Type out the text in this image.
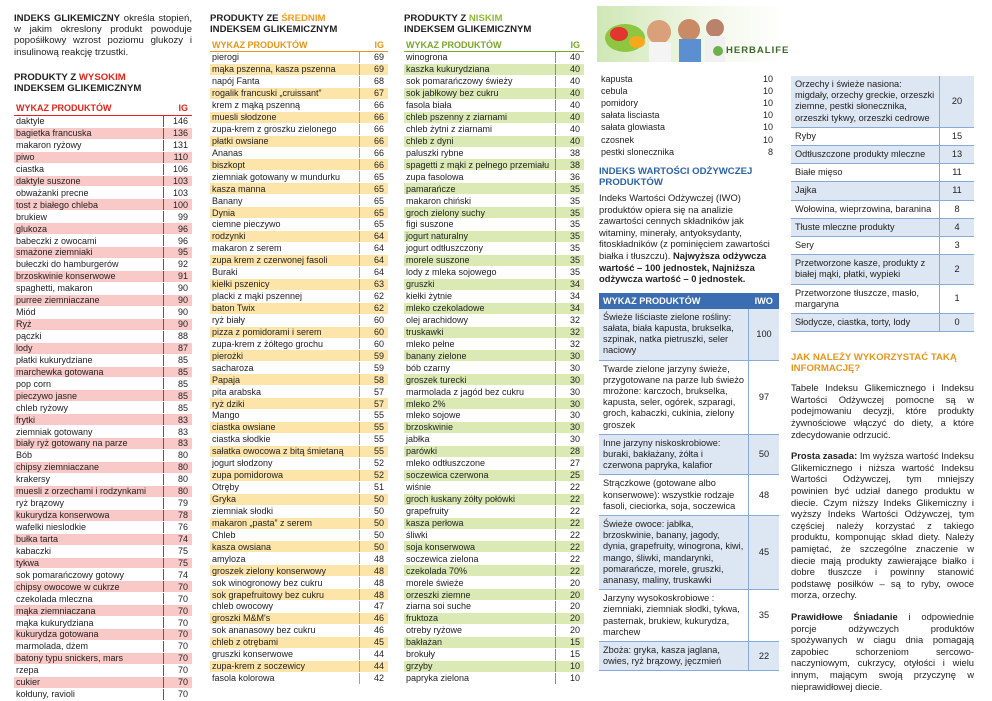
INDEKS GLIKEMICZNY określa stopień, w jakim okreslony produkt powoduje popośiłkowy wzrost poziomu glukozy i insulinową reakcję trzustki.
PRODUKTY Z WYSOKIM
INDEKSEM GLIKEMICZNYM
WYKAZ PRODUKTÓW	IG
daktyle	146
bagietka francuska	136
makaron ryżowy	131
piwo	110
ciastka	106
daktyle suszone	103
obważanki precne	103
tost z białego chleba	100
brukiew	99
glukoza	96
babeczki z owocami	96
smażone ziemniaki	95
bułeczki do hamburgerów	92
brzoskwinie konserwowe	91
spaghetti, makaron	90
purree ziemniaczane	90
Miód	90
Ryż	90
pączki	88
lody	87
płatki kukurydziane	85
marchewka gotowana	85
pop corn	85
pieczywo jasne	85
chleb ryżowy	85
frytki	83
ziemniak gotowany	83
biały ryż gotowany na parze	83
Bób	80
chipsy ziemniaczane	80
krakersy	80
muesli z orzechami i rodzynkami	80
ryż brązowy	79
kukurydza konserwowa	78
wafelki nieslodkie	76
bułka tarta	74
kabaczki	75
tykwa	75
sok pomarańczowy gotowy	74
chipsy owocowe w cukrze	70
czekolada mleczna	70
mąka ziemniaczana	70
mąka kukurydziana	70
kukurydza gotowana	70
marmolada, dżem	70
batony typu snickers, mars	70
rzepa	70
cukier	70
kołduny, ravioli	70
PRODUKTY ZE ŚREDNIM
INDEKSEM GLIKEMICZNYM
WYKAZ PRODUKTÓW	IG
pierogi	69
mąka pszenna, kasza pszenna	69
napój Fanta	68
rogalik francuski „cruissant”	67
krem z mąką pszenną	66
muesli słodzone	66
zupa-krem z groszku zielonego	66
płatki owsiane	66
Ananas	66
biszkopt	66
ziemniak gotowany w mundurku	65
kasza manna	65
Banany	65
Dynia	65
ciemne pieczywo	65
rodzynki	64
makaron z serem	64
zupa krem z czerwonej fasoli	64
Buraki	64
kiełki pszenicy	63
placki z mąki pszennej	62
baton Twix	62
ryż biały	60
pizza z pomidorami i serem	60
zupa-krem z żółtego grochu	60
pierożki	59
sacharoza	59
Papaja	58
pita arabska	57
ryż dziki	57
Mango	55
ciastka owsiane	55
ciastka słodkie	55
sałatka owocowa z bitą śmietaną	55
jogurt słodzony	52
zupa pomidorowa	52
Otręby	51
Gryka	50
ziemniak słodki	50
makaron „pasta” z serem	50
Chleb	50
kasza owsiana	50
amyloza	48
groszek zielony konserwowy	48
sok winogronowy bez cukru	48
sok grapefruitowy bez cukru	48
chleb owocowy	47
groszki M&M's	46
sok ananasowy bez cukru	46
chleb z otrębami	45
gruszki konserwowe	44
zupa-krem z soczewicy	44
fasola kolorowa	42
PRODUKTY Z NISKIM
INDEKSEM GLIKEMICZNYM
WYKAZ PRODUKTÓW	IG
winogrona	40
kaszka kukurydziana	40
sok pomarańczowy świeży	40
sok jabłkowy bez cukru	40
fasola biała	40
chleb pszenny z ziarnami	40
chleb żytni z ziarnami	40
chleb z dyni	40
paluszki rybne	38
spagetti z mąki z pełnego przemiału	38
zupa fasolowa	36
pamarańcze	35
makaron chiński	35
groch zielony suchy	35
figi suszone	35
jogurt naturalny	35
jogurt odtłuszczony	35
morele suszone	35
lody z mleka sojowego	35
gruszki	34
kiełki żytnie	34
mleko czekoladowe	34
olej arachidowy	32
truskawki	32
mleko pełne	32
banany zielone	30
bób czarny	30
groszek turecki	30
marmolada z jagód bez cukru	30
mleko 2%	30
mleko sojowe	30
brzoskwinie	30
jabłka	30
parówki	28
mleko odtłuszczone	27
soczewica czerwona	25
wiśnie	22
groch łuskany żółty połówki	22
grapefruity	22
kasza perłowa	22
śliwki	22
soja konserwowa	22
soczewica zielona	22
czekolada 70%	22
morele świeże	20
orzeszki ziemne	20
ziarna soi suche	20
fruktoza	20
otreby ryżowe	20
bakłażan	15
brokuły	15
grzyby	10
papryka zielona	10
HERBALIFE
kapusta	10
cebula	10
pomidory	10
sałata lisciasta	10
sałata glowiasta	10
czosnek	10
pestki slonecznika	8
INDEKS WARTOŚCI ODŻYWCZEJ PRODUKTÓW
Indeks Wartości Odżywczej (IWO) produktów opiera się na analizie zawartości cennych składników jak witaminy, minerały, antyoksydanty, fitoskładników (z pominięciem zawartości białka i tłuszczu). Najwyższa odżywcza wartość – 100 jednostek, Najniższa odżywcza wartość – 0 jednostek.
WYKAZ PRODUKTÓW	IWO
Świeże liściaste zielone rośliny: sałata, biała kapusta, brukselka, szpinak, natka pietruszki, seler naciowy	100
Twarde zielone jarzyny świeże, przygotowane na parze lub świeżo mrożone: karczoch, brukselka, kapusta, seler, ogórek, szparagi, groch, kabaczki, cukinia, zielony groszek	97
Inne jarzyny niskoskrobiowe: buraki, bakłażany, żółta i czerwona papryka, kalafior	50
Strączkowe (gotowane albo konserwowe): wszystkie rodzaje fasoli, cieciorka, soja, soczewica	48
Świeże owoce: jabłka, brzoskwinie, banany, jagody, dynia, grapefruity, winogrona, kiwi, mango, śliwki, mandarynki, pomarańcze, morele, gruszki, ananasy, maliny, truskawki	45
Jarzyny wysokoskrobiowe : ziemniaki, ziemniak słodki, tykwa, pasternak, brukiew, kukurydza, marchew	35
Zboża: gryka, kasza jaglana, owies, ryż brązowy, jęczmień	22
Orzechy i świeże nasiona: migdały, orzechy greckie, orzeszki ziemne, pestki słonecznika, orzeszki tykwy, orzeszki cedrowe	20
Ryby	15
Odtłuszczone produkty mleczne	13
Białe mięso	11
Jajka	11
Wołowina, wieprzowina, baranina	8
Tłuste mleczne produkty	4
Sery	3
Przetworzone kasze, produkty z białej mąki, płatki, wypieki	2
Przetworzone tłuszcze, masło, margaryna	1
Słodycze, ciastka, torty, lody	0
JAK NALEŻY WYKORZYSTAĆ TAKĄ INFORMACJĘ?
Tabele Indeksu Glikemicznego i Indeksu Wartości Odżywczej pomocne są w podejmowaniu decyzji, które produkty żywnościowe włączyć do diety, a które zdecydowanie odrzucić.
Prosta zasada: Im wyższa wartość Indeksu Glikemicznego i niższa wartość Indeksu Wartości Odżywczej, tym mniejszy powinien być udział danego produktu w diecie. Czym niższy Indeks Glikemiczny i wyższy Indeks Wartości Odżywczej, tym częściej należy korzystać z takiego produktu, komponując skład diety. Należy pamiętać, że szczególne znaczenie w diecie mają produkty zawierające białko i dobre tłuszcze i powinny stanowić podstawę posiłków – są to ryby, owoce morza, orzechy.
Prawidłowe Śniadanie i odpowiednie porcje odżywczych produktów spożywanych w ciagu dnia pomagają zapobiec schorzeniom sercowo-naczyniowym, cukrzycy, otyłości i wielu innym, mającym swoją przyczynę w nieprawidłowej diecie.
